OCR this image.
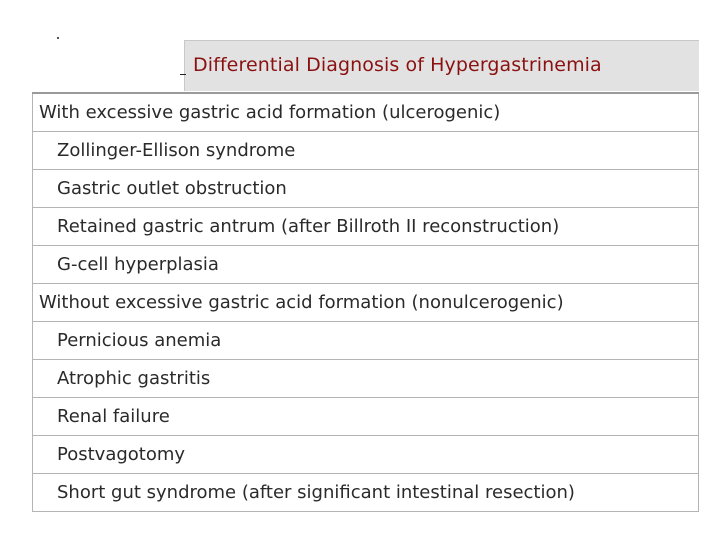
Differential Diagnosis of Hypergastrinemia
With excessive gastric acid formation (ulcerogenic)
Zollinger-Ellison syndrome
Gastric outlet obstruction
Retained gastric antrum (after Billroth II reconstruction)
G-cell hyperplasia
Without excessive gastric acid formation (nonulcerogenic)
Pernicious anemia
Atrophic gastritis
Renal failure
Postvagotomy
Short gut syndrome (after significant intestinal resection)
